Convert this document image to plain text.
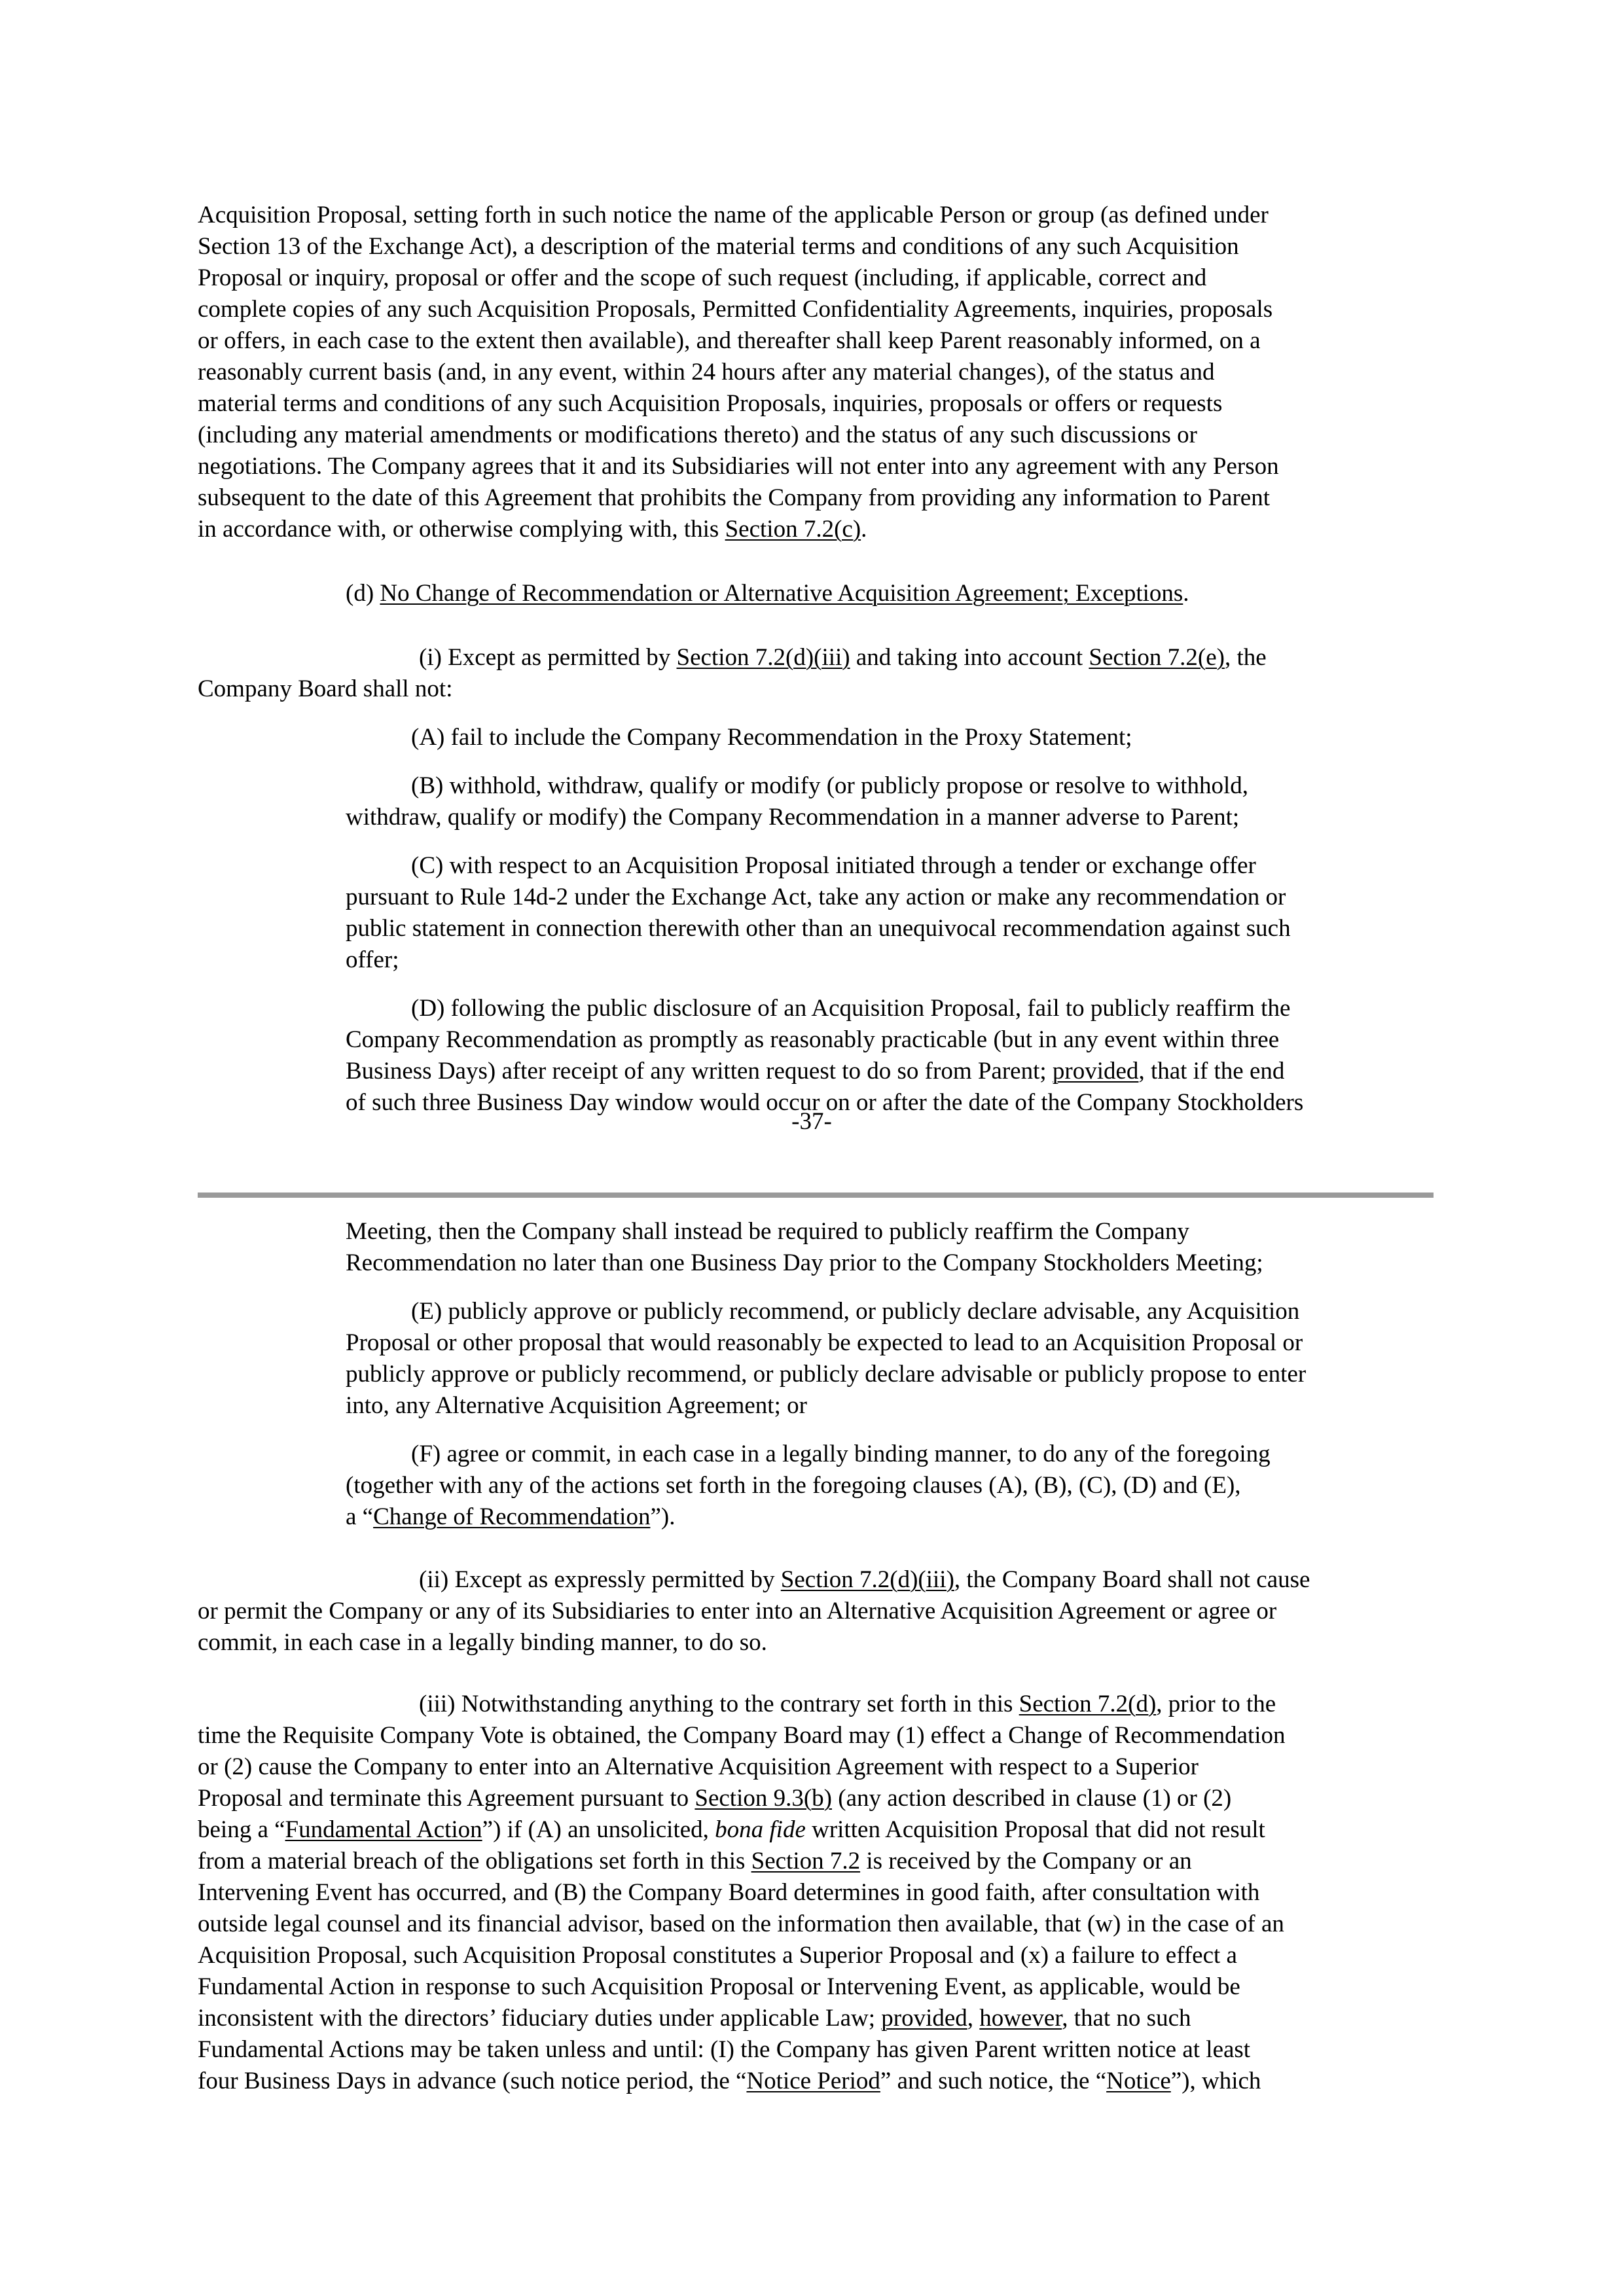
Acquisition Proposal, setting forth in such notice the name of the applicable Person or group (as defined under
Section 13 of the Exchange Act), a description of the material terms and conditions of any such Acquisition
Proposal or inquiry, proposal or offer and the scope of such request (including, if applicable, correct and
complete copies of any such Acquisition Proposals, Permitted Confidentiality Agreements, inquiries, proposals
or offers, in each case to the extent then available), and thereafter shall keep Parent reasonably informed, on a
reasonably current basis (and, in any event, within 24 hours after any material changes), of the status and
material terms and conditions of any such Acquisition Proposals, inquiries, proposals or offers or requests
(including any material amendments or modifications thereto) and the status of any such discussions or
negotiations. The Company agrees that it and its Subsidiaries will not enter into any agreement with any Person
subsequent to the date of this Agreement that prohibits the Company from providing any information to Parent
in accordance with, or otherwise complying with, this Section 7.2(c).
(d) No Change of Recommendation or Alternative Acquisition Agreement; Exceptions.
(i) Except as permitted by Section 7.2(d)(iii) and taking into account Section 7.2(e), the
Company Board shall not:
(A) fail to include the Company Recommendation in the Proxy Statement;
(B) withhold, withdraw, qualify or modify (or publicly propose or resolve to withhold,
withdraw, qualify or modify) the Company Recommendation in a manner adverse to Parent;
(C) with respect to an Acquisition Proposal initiated through a tender or exchange offer
pursuant to Rule 14d-2 under the Exchange Act, take any action or make any recommendation or
public statement in connection therewith other than an unequivocal recommendation against such
offer;
(D) following the public disclosure of an Acquisition Proposal, fail to publicly reaffirm the
Company Recommendation as promptly as reasonably practicable (but in any event within three
Business Days) after receipt of any written request to do so from Parent; provided, that if the end
of such three Business Day window would occur on or after the date of the Company Stockholders
Meeting, then the Company shall instead be required to publicly reaffirm the Company
Recommendation no later than one Business Day prior to the Company Stockholders Meeting;
(E) publicly approve or publicly recommend, or publicly declare advisable, any Acquisition
Proposal or other proposal that would reasonably be expected to lead to an Acquisition Proposal or
publicly approve or publicly recommend, or publicly declare advisable or publicly propose to enter
into, any Alternative Acquisition Agreement; or
(F) agree or commit, in each case in a legally binding manner, to do any of the foregoing
(together with any of the actions set forth in the foregoing clauses (A), (B), (C), (D) and (E),
a “Change of Recommendation”).
(ii) Except as expressly permitted by Section 7.2(d)(iii), the Company Board shall not cause
or permit the Company or any of its Subsidiaries to enter into an Alternative Acquisition Agreement or agree or
commit, in each case in a legally binding manner, to do so.
(iii) Notwithstanding anything to the contrary set forth in this Section 7.2(d), prior to the
time the Requisite Company Vote is obtained, the Company Board may (1) effect a Change of Recommendation
or (2) cause the Company to enter into an Alternative Acquisition Agreement with respect to a Superior
Proposal and terminate this Agreement pursuant to Section 9.3(b) (any action described in clause (1) or (2)
being a “Fundamental Action”) if (A) an unsolicited, bona fide written Acquisition Proposal that did not result
from a material breach of the obligations set forth in this Section 7.2 is received by the Company or an
Intervening Event has occurred, and (B) the Company Board determines in good faith, after consultation with
outside legal counsel and its financial advisor, based on the information then available, that (w) in the case of an
Acquisition Proposal, such Acquisition Proposal constitutes a Superior Proposal and (x) a failure to effect a
Fundamental Action in response to such Acquisition Proposal or Intervening Event, as applicable, would be
inconsistent with the directors’ fiduciary duties under applicable Law; provided, however, that no such
Fundamental Actions may be taken unless and until: (I) the Company has given Parent written notice at least
four Business Days in advance (such notice period, the “Notice Period” and such notice, the “Notice”), which
-37-
